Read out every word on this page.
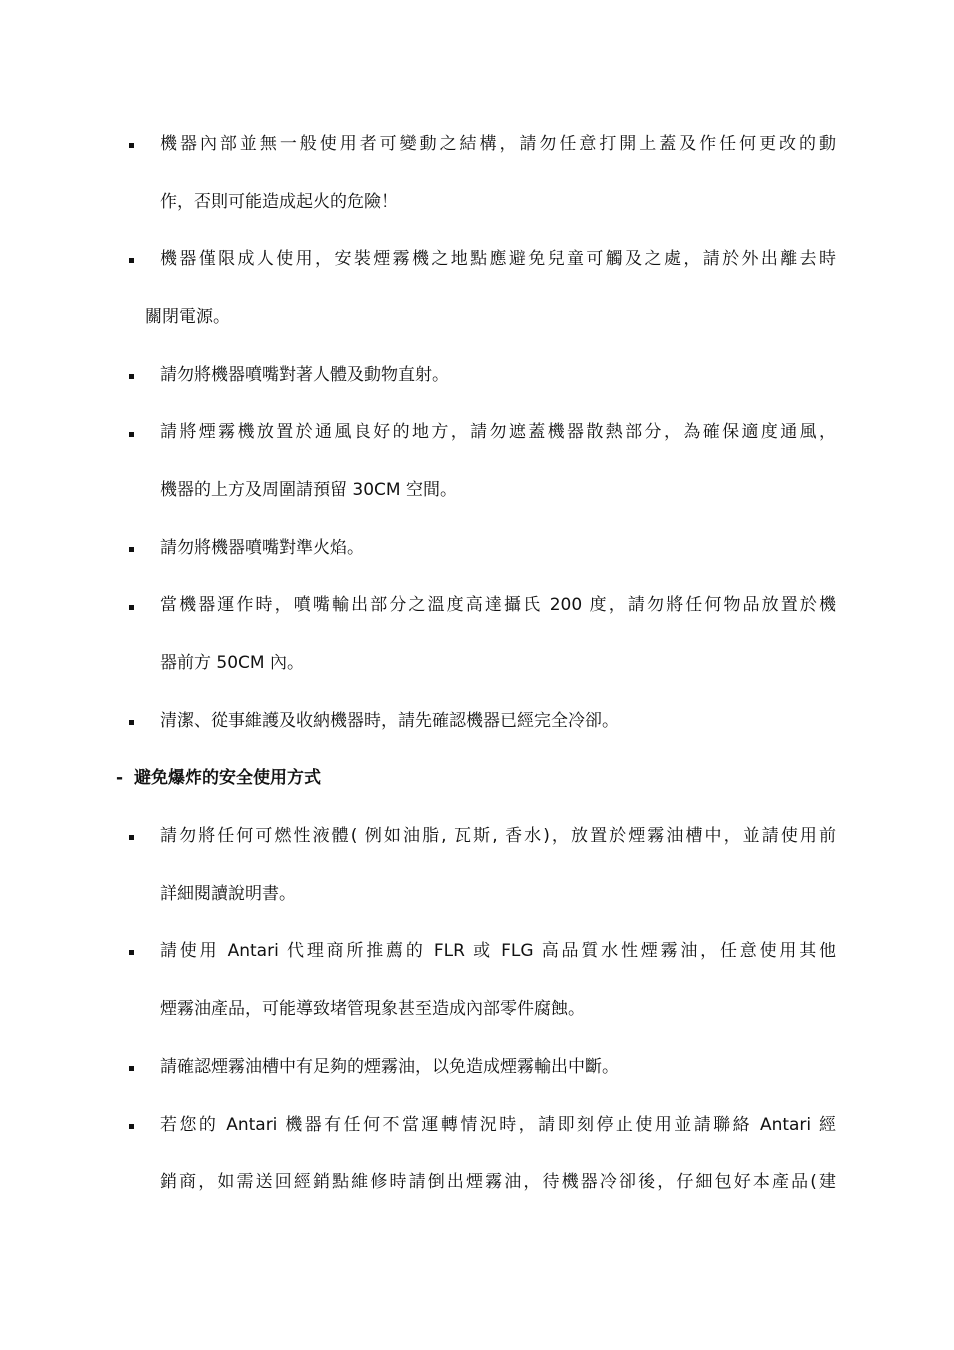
機器內部並無一般使用者可變動之結構，請勿任意打開上蓋及作任何更改的動
作，否則可能造成起火的危險！
機器僅限成人使用，安裝煙霧機之地點應避免兒童可觸及之處，請於外出離去時
關閉電源。
請勿將機器噴嘴對著人體及動物直射。
請將煙霧機放置於通風良好的地方，請勿遮蓋機器散熱部分，為確保適度通風，
機器的上方及周圍請預留 30CM 空間。
請勿將機器噴嘴對準火焰。
當機器運作時，噴嘴輸出部分之溫度高達攝氏 200 度，請勿將任何物品放置於機
器前方 50CM 內。
清潔、從事維護及收納機器時，請先確認機器已經完全冷卻。
- 避免爆炸的安全使用方式
請勿將任何可燃性液體( 例如油脂, 瓦斯, 香水)，放置於煙霧油槽中，並請使用前
詳細閱讀說明書。
請使用 Antari 代理商所推薦的 FLR 或 FLG 高品質水性煙霧油，任意使用其他
煙霧油產品，可能導致堵管現象甚至造成內部零件腐蝕。
請確認煙霧油槽中有足夠的煙霧油，以免造成煙霧輸出中斷。
若您的 Antari 機器有任何不當運轉情況時，請即刻停止使用並請聯絡 Antari 經
銷商，如需送回經銷點維修時請倒出煙霧油，待機器冷卻後，仔細包好本產品(建
